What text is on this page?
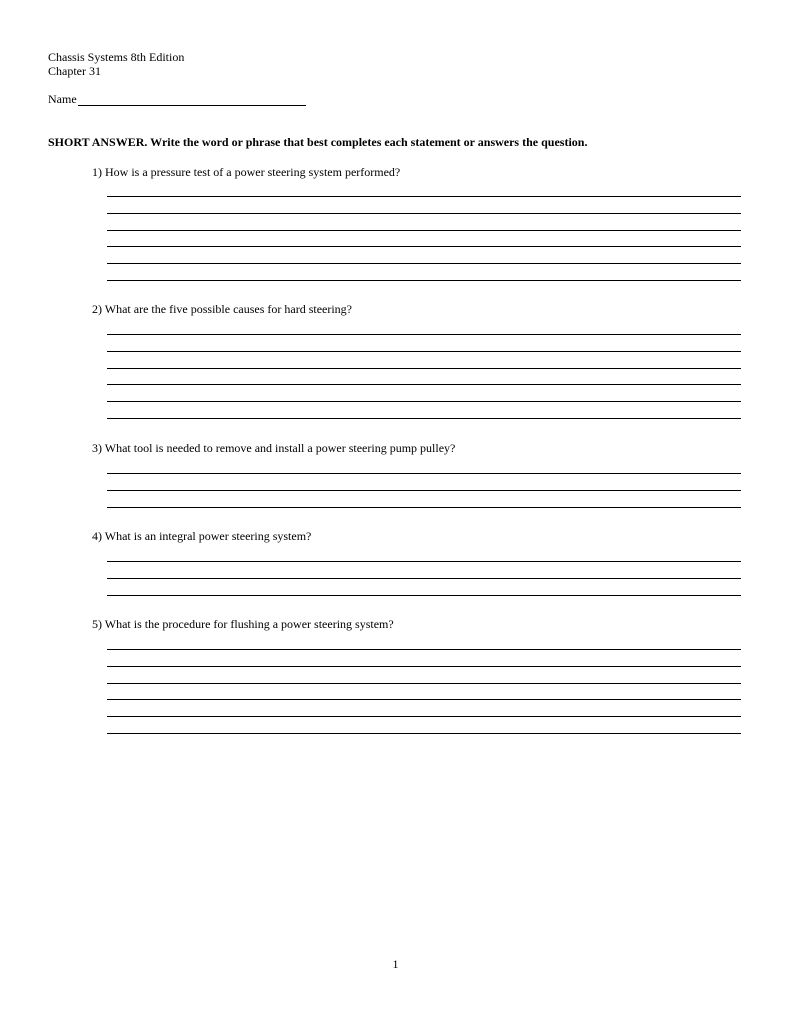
Chassis Systems 8th Edition
Chapter 31
Name
SHORT ANSWER. Write the word or phrase that best completes each statement or answers the question.
1) How is a pressure test of a power steering system performed?
2) What are the five possible causes for hard steering?
3) What tool is needed to remove and install a power steering pump pulley?
4) What is an integral power steering system?
5) What is the procedure for flushing a power steering system?
1
